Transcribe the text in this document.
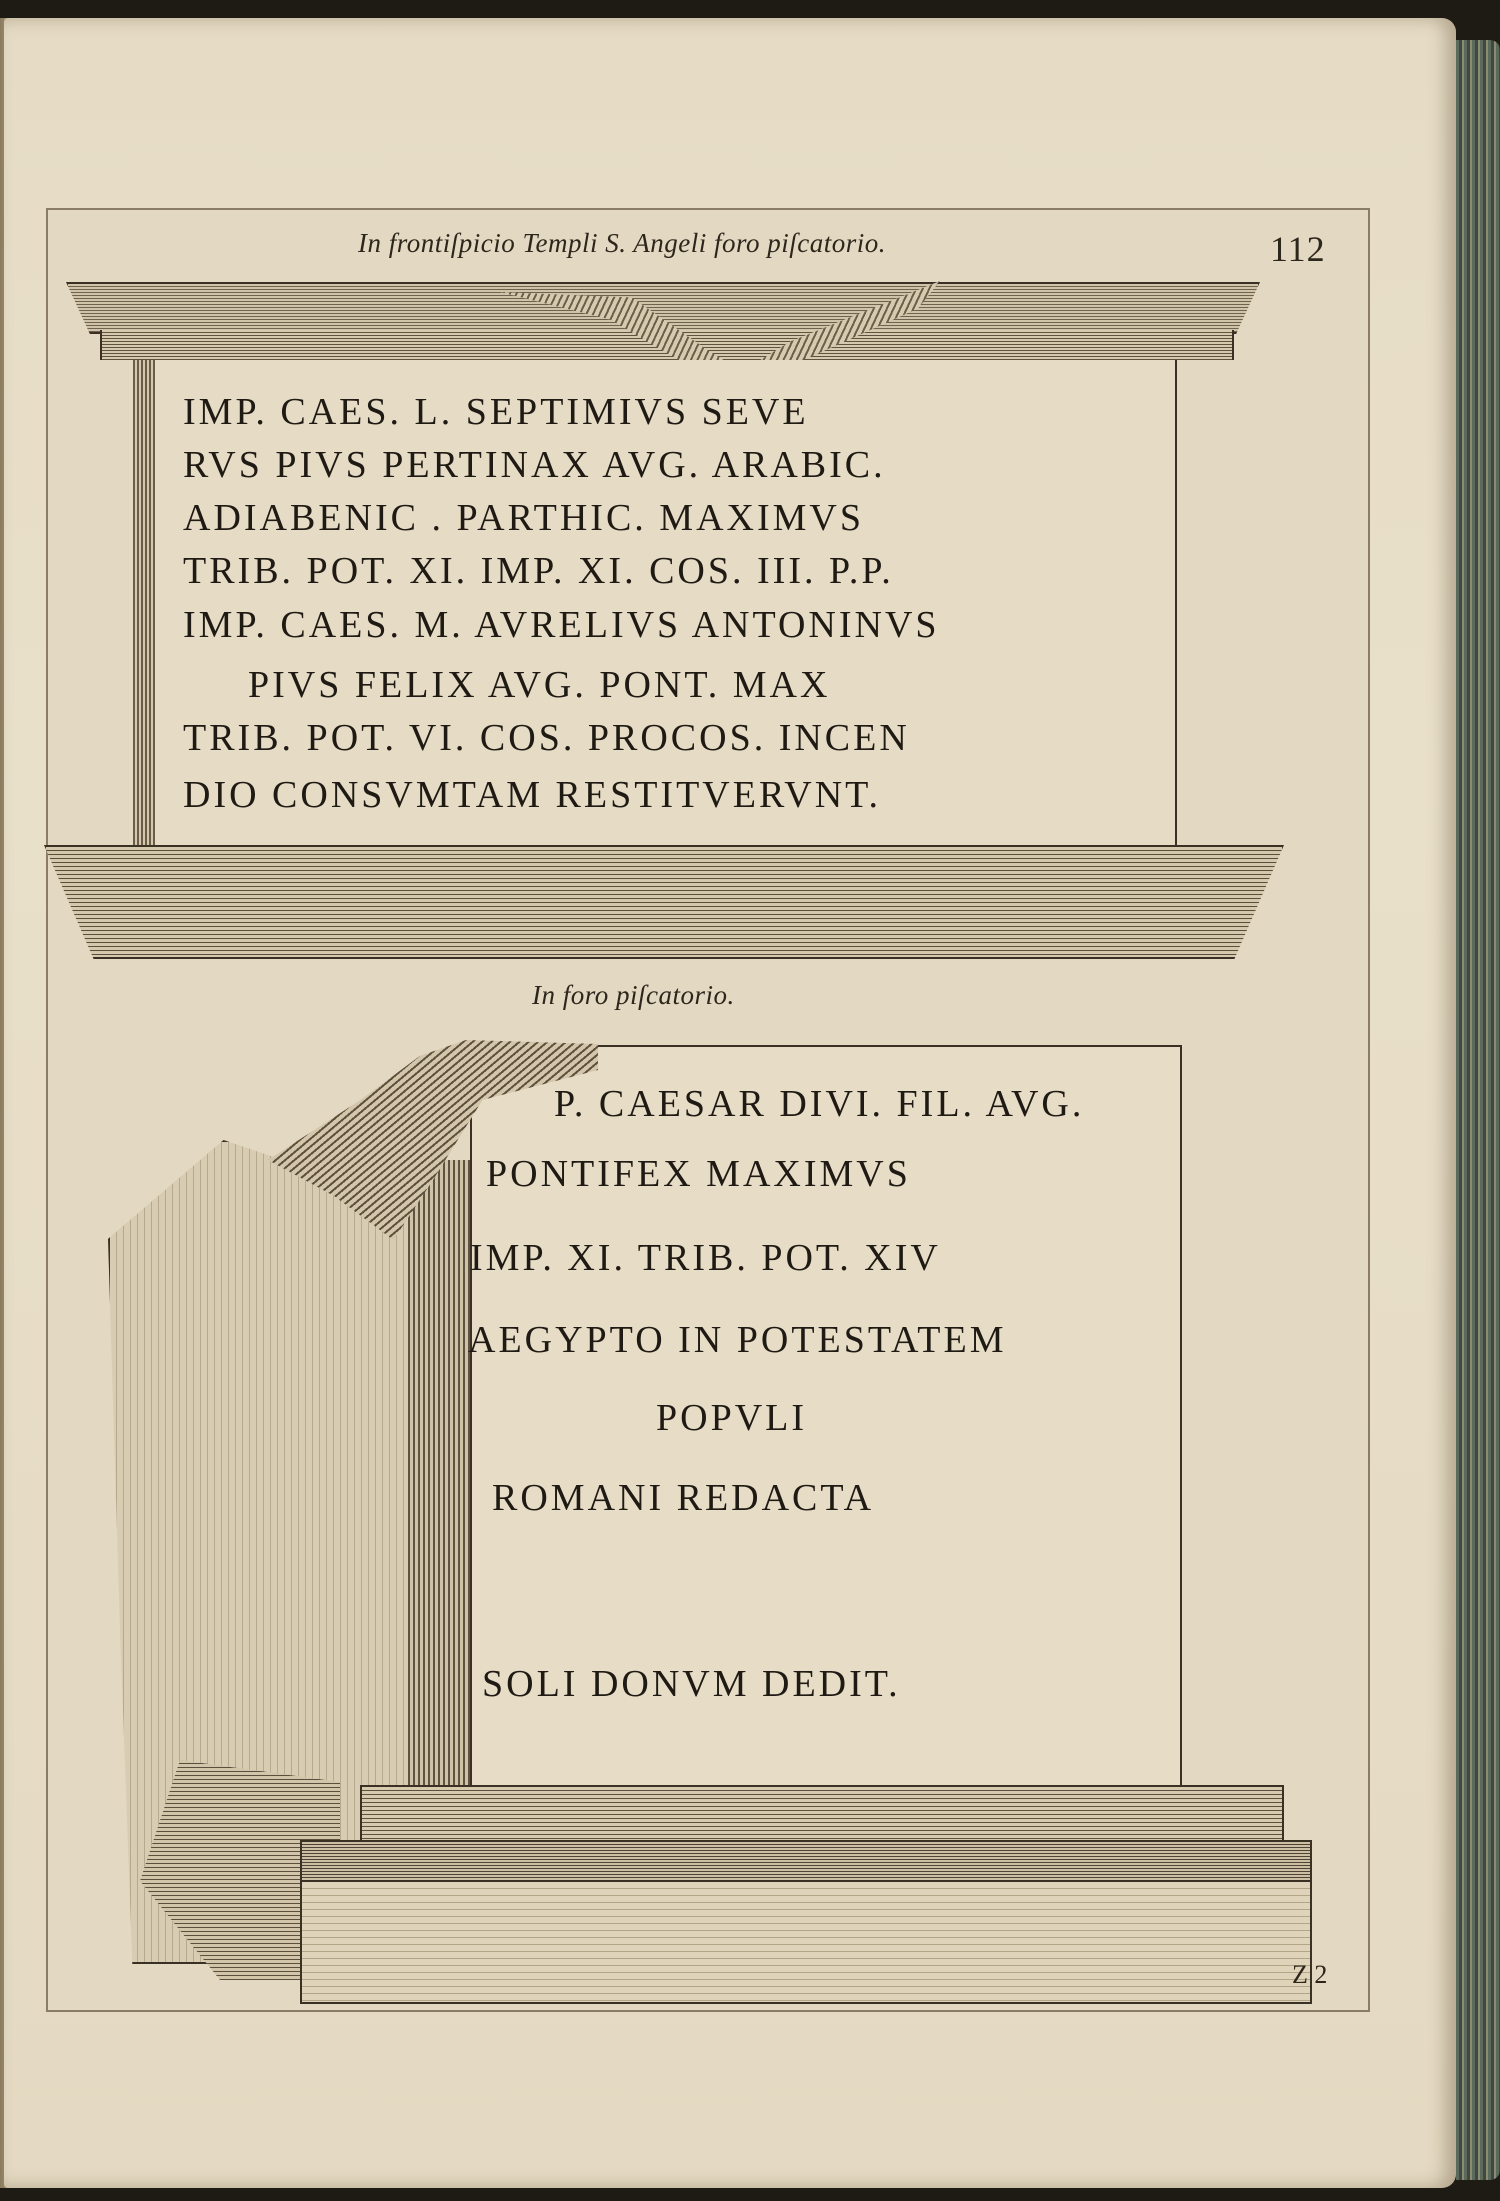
In frontiſpicio Templi S. Angeli foro piſcatorio.	112

IMP. CAES. L. SEPTIMIVS SEVE

RVS PIVS PERTINAX AVG. ARABIC.

ADIABENIC . PARTHIC. MAXIMVS

TRIB. POT. XI. IMP. XI. COS. III. P.P.

IMP. CAES. M. AVRELIVS ANTONINVS

PIVS FELIX AVG. PONT. MAX

TRIB. POT. VI. COS. PROCOS. INCEN

DIO CONSVMTAM RESTITVERVNT.

In foro piſcatorio.

P. CAESAR DIVI. FIL. AVG.

PONTIFEX MAXIMVS

IMP. XI. TRIB. POT. XIV

AEGYPTO IN POTESTATEM

POPVLI

ROMANI REDACTA

SOLI DONVM DEDIT.

Z 2
